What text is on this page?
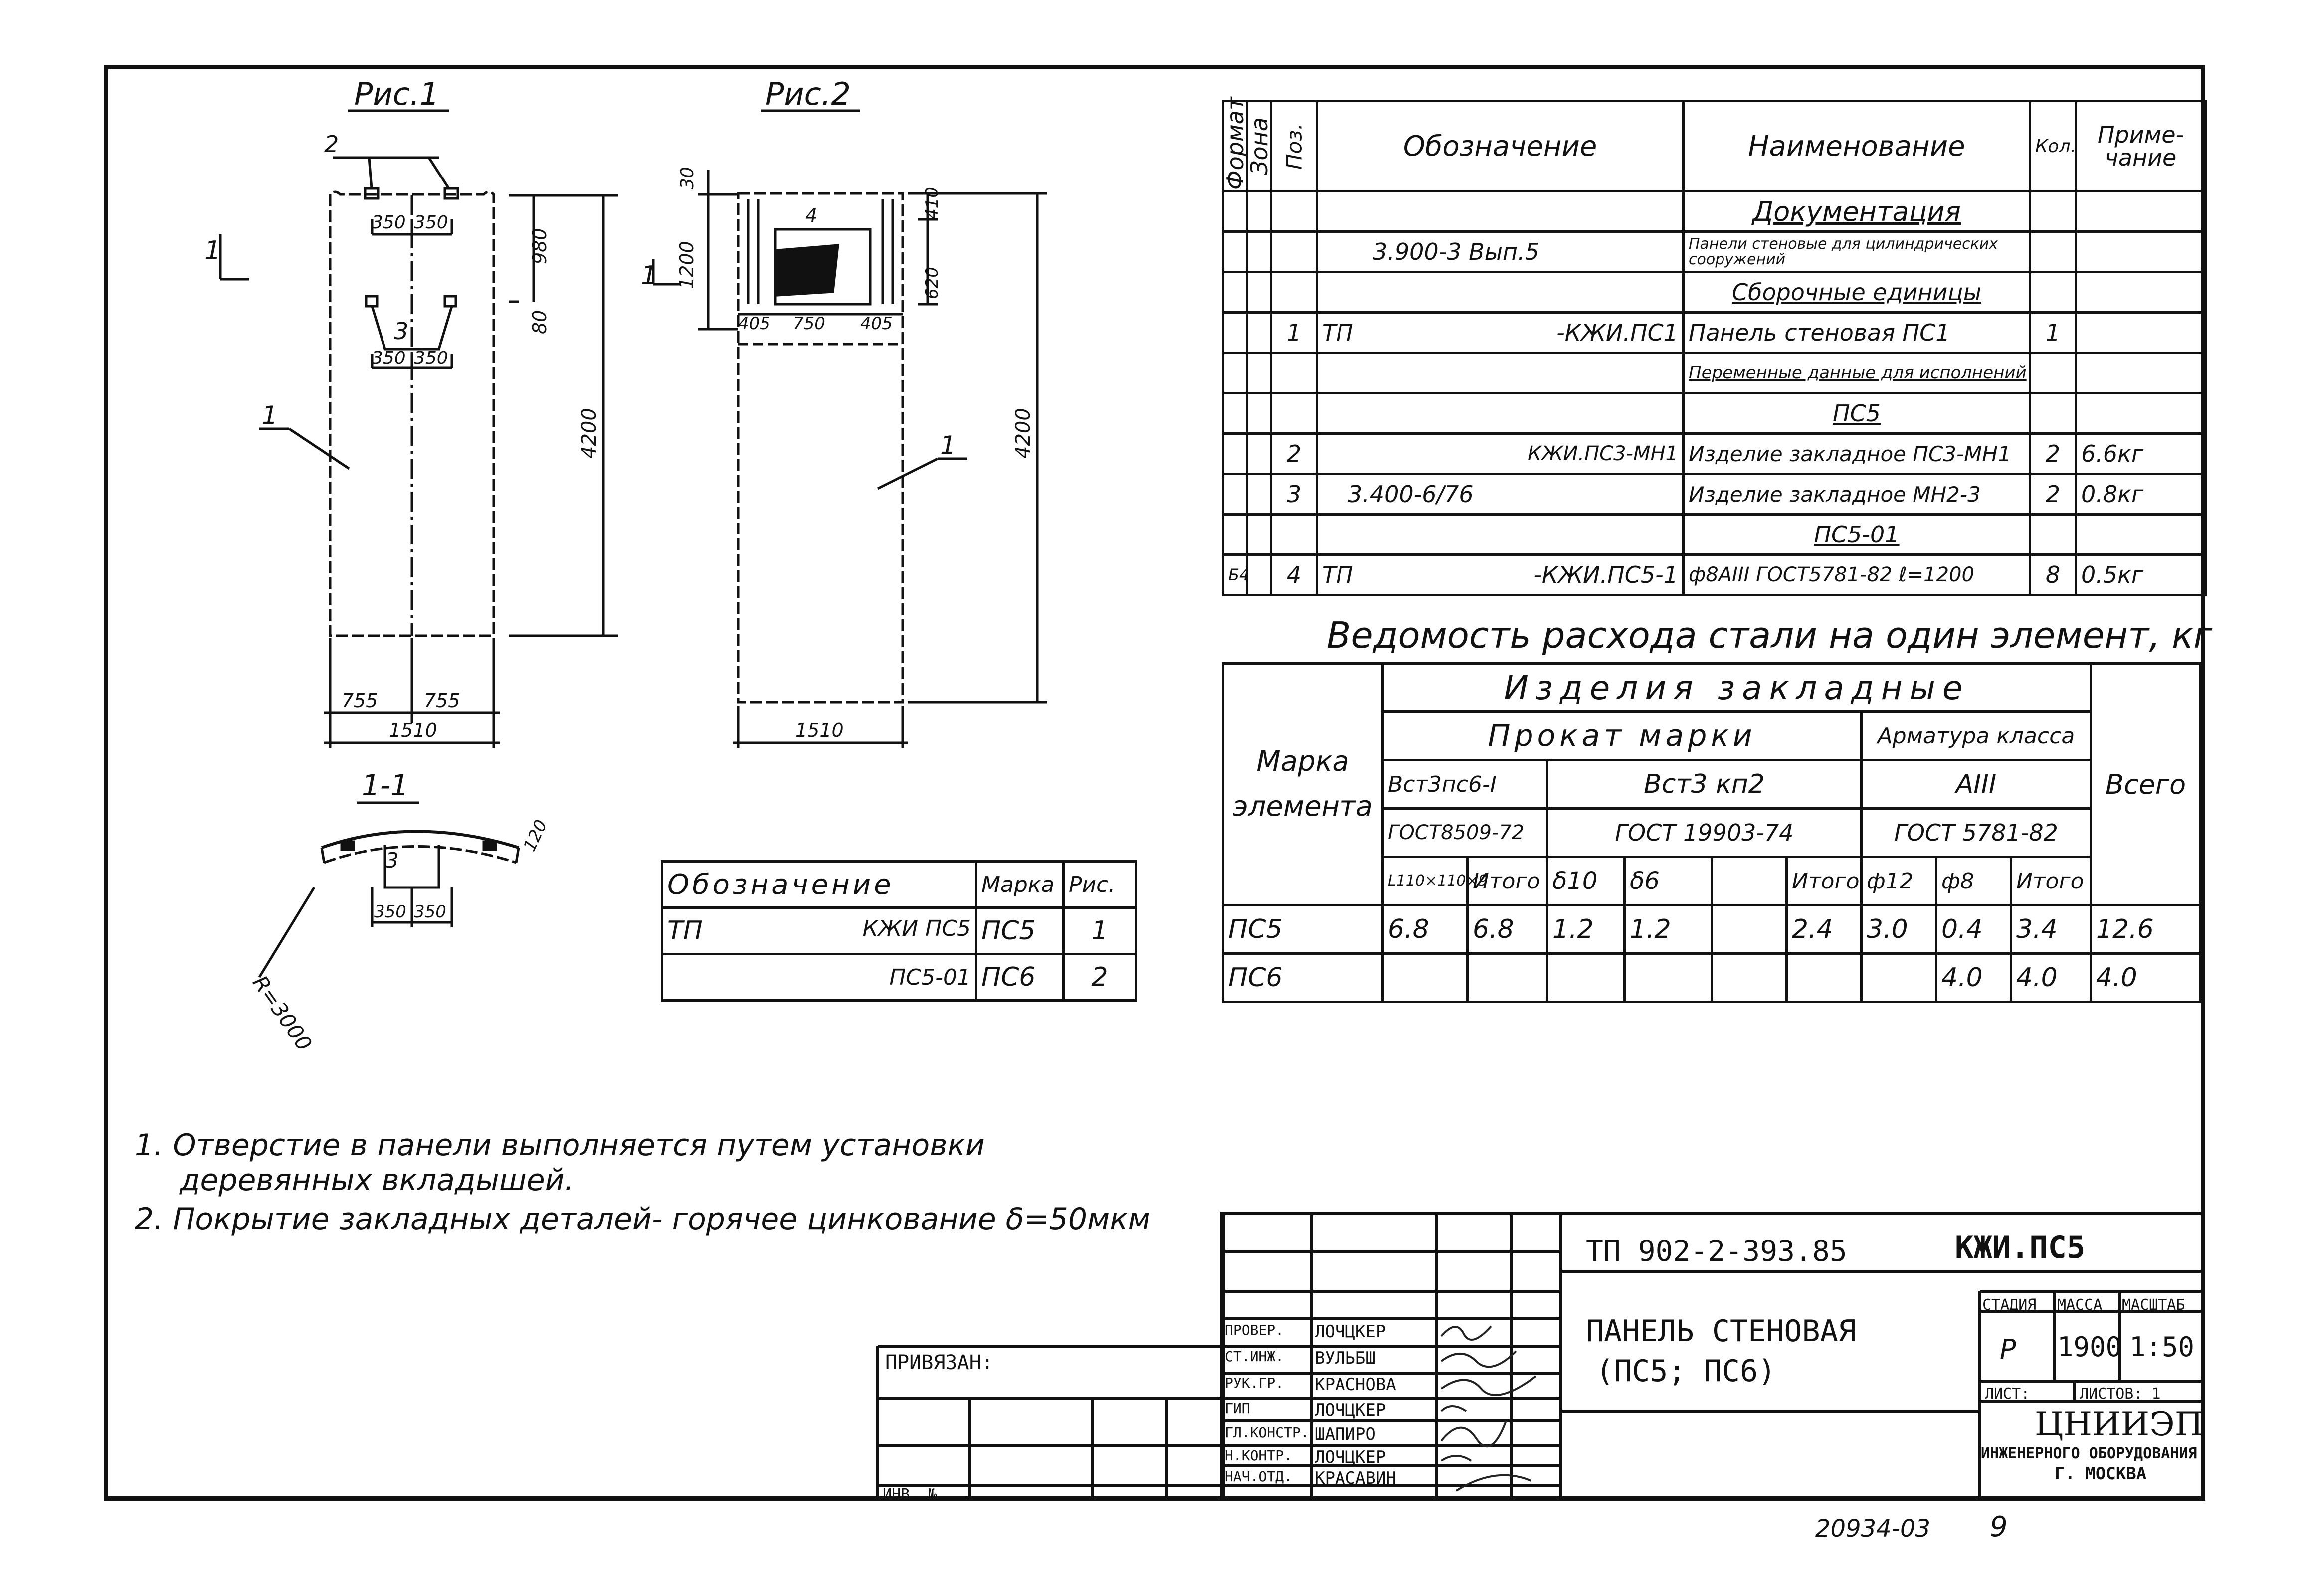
Рис.1
350 350
350 350
3
2
980
80
4200
755 755
1510
1
1
Рис.2
4
405 750 405
30
1200
1
410
620
4200
1
1510
1-1
3
350 350
120
R=3000
Формат	Зона	Поз.	Обозначение	Наименование	Кол.	Приме-
чание
				Документация		
			3.900-3 Вып.5	Панели стеновые для цилиндрических сооружений		
				Сборочные единицы		
		1	ТП -КЖИ.ПС1	Панель стеновая ПС1	1	
				Переменные данные для исполнений		
				ПС5		
		2	КЖИ.ПС3-МН1	Изделие закладное ПС3-МН1	2	6.6кг
		3	3.400-6/76	Изделие закладное МН2-3	2	0.8кг
				ПС5-01		
Б4		4	ТП -КЖИ.ПС5-1	ф8АIII ГОСТ5781-82 ℓ=1200	8	0.5кг
Ведомость расхода стали на один элемент, кг
Марка элемента	Изделия закладные									Всего
	Прокат марки						Арматура класса			
	Вст3пс6-I		Вст3 кп2				АIII			
	ГОСТ8509-72		ГОСТ 19903-74				ГОСТ 5781-82			
	L110×110×9	Итого	δ10	δ6		Итого	ф12	ф8	Итого	
ПС5	6.8	6.8	1.2	1.2		2.4	3.0	0.4	3.4	12.6
ПС6								4.0	4.0	4.0
Обозначение	Марка	Рис.
ТП КЖИ ПС5	ПС5	1
ПС5-01	ПС6	2
1. Отверстие в панели выполняется путем установки
деревянных вкладышей.
2. Покрытие закладных деталей- горячее цинкование δ=50мкм
ТП 902-2-393.85	КЖИ.ПС5
ПАНЕЛЬ СТЕНОВАЯ
(ПС5; ПС6)
СТАДИЯ МАССА МАСШТАБ
Р 1900 1:50
ЛИСТ:	ЛИСТОВ: 1
ЦНИИЭП
ИНЖЕНЕРНОГО ОБОРУДОВАНИЯ
Г. МОСКВА
ПРИВЯЗАН:
ИНВ. №
ПРОВЕР. ЛОЧЦКЕР
СТ.ИНЖ. ВУЛЬБШ
РУК.ГР. КРАСНОВА
ГИП	ЛОЧЦКЕР
ГЛ.КОНСТР. ШАПИРО
Н.КОНТР. ЛОЧЦКЕР
НАЧ.ОТД. КРАСАВИН
20934-03 9
